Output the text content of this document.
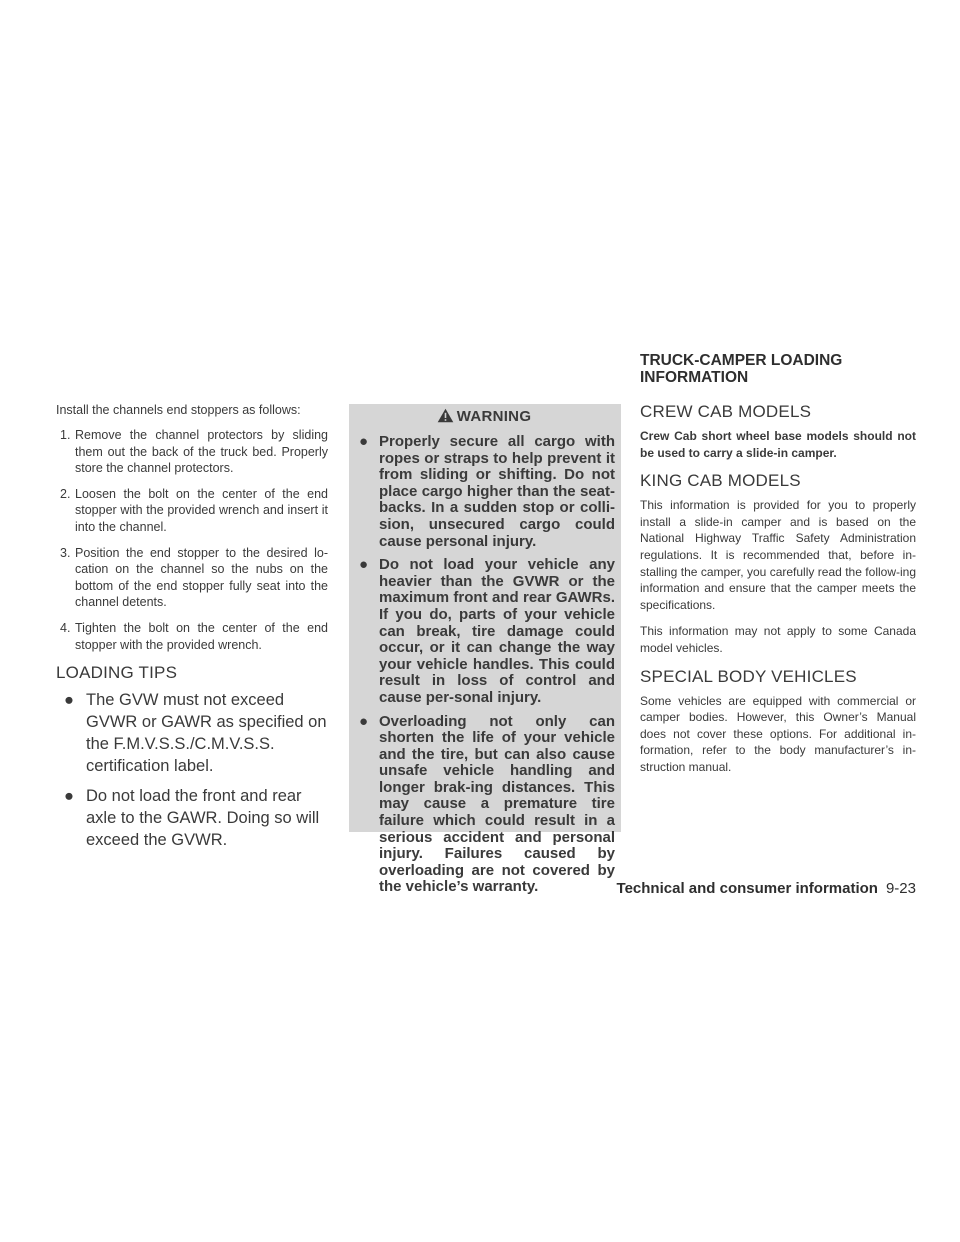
Install the channels end stoppers as follows:

1. Remove the channel protectors by sliding them out the back of the truck bed. Properly store the channel protectors.
2. Loosen the bolt on the center of the end stopper with the provided wrench and insert it into the channel.
3. Position the end stopper to the desired lo-cation on the channel so the nubs on the bottom of the end stopper fully seat into the channel detents.
4. Tighten the bolt on the center of the end stopper with the provided wrench.
LOADING TIPS
● The GVW must not exceed GVWR or GAWR as specified on the F.M.V.S.S./C.M.V.S.S. certification label.
● Do not load the front and rear axle to the GAWR. Doing so will exceed the GVWR.
WARNING
● Properly secure all cargo with ropes or straps to help prevent it from sliding or shifting. Do not place cargo higher than the seat-backs. In a sudden stop or colli-sion, unsecured cargo could cause personal injury.
● Do not load your vehicle any heavier than the GVWR or the maximum front and rear GAWRs. If you do, parts of your vehicle can break, tire damage could occur, or it can change the way your vehicle handles. This could result in loss of control and cause per-sonal injury.
● Overloading not only can shorten the life of your vehicle and the tire, but can also cause unsafe vehicle handling and longer brak-ing distances. This may cause a premature tire failure which could result in a serious accident and personal injury. Failures caused by overloading are not covered by the vehicle’s warranty.
TRUCK-CAMPER LOADING
INFORMATION
CREW CAB MODELS

Crew Cab short wheel base models should not be used to carry a slide-in camper.

KING CAB MODELS

This information is provided for you to properly install a slide-in camper and is based on the National Highway Traffic Safety Administration regulations. It is recommended that, before in-stalling the camper, you carefully read the follow-ing information and ensure that the camper meets the specifications.

This information may not apply to some Canada model vehicles.

SPECIAL BODY VEHICLES

Some vehicles are equipped with commercial or camper bodies. However, this Owner’s Manual does not cover these options. For additional in-formation, refer to the body manufacturer’s in-struction manual.

Technical and consumer information 9-23
